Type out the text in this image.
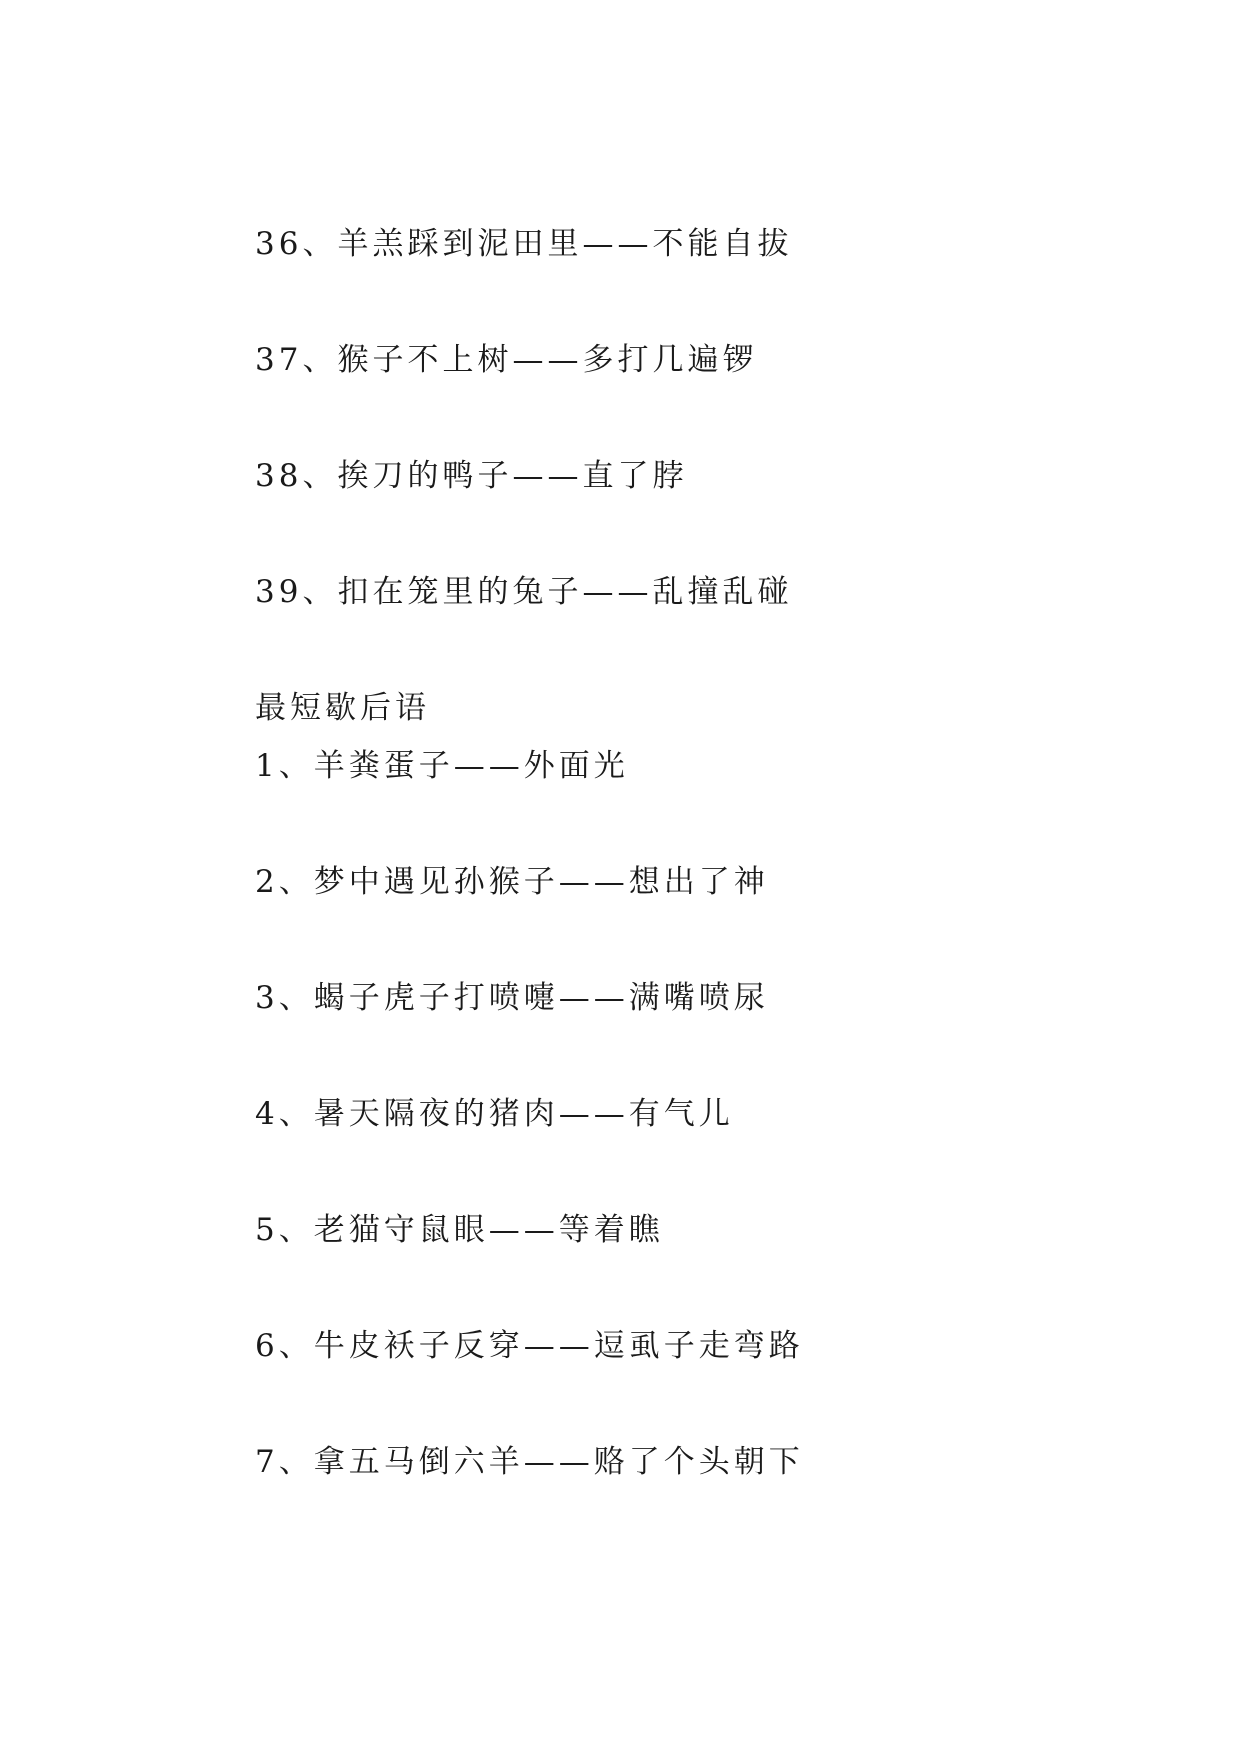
36、羊羔踩到泥田里——不能自拔
37、猴子不上树——多打几遍锣
38、挨刀的鸭子——直了脖
39、扣在笼里的兔子——乱撞乱碰
最短歇后语
1、羊粪蛋子——外面光
2、梦中遇见孙猴子——想出了神
3、蝎子虎子打喷嚏——满嘴喷尿
4、暑天隔夜的猪肉——有气儿
5、老猫守鼠眼——等着瞧
6、牛皮袄子反穿——逗虱子走弯路
7、拿五马倒六羊——赂了个头朝下
